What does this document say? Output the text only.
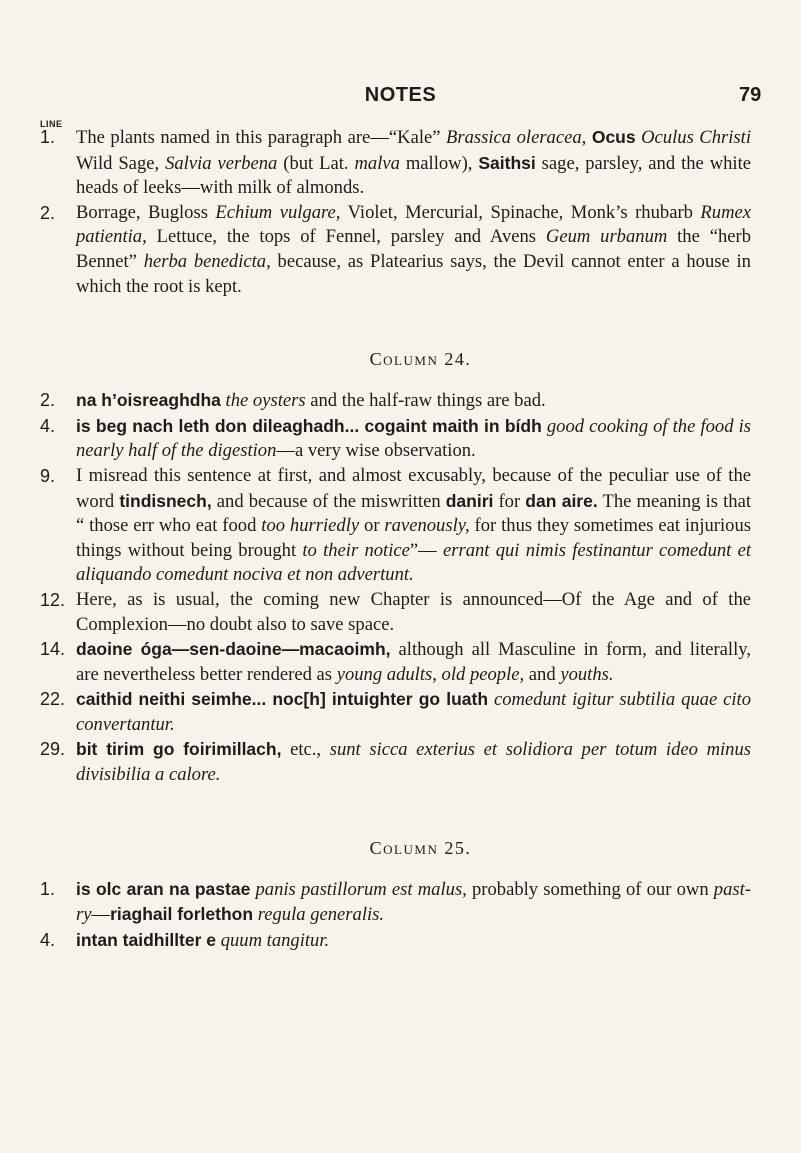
NOTES	79
LINE
1. The plants named in this paragraph are—“Kale” Brassica oleracea, Ocus Oculus Christi Wild Sage, Salvia verbena (but Lat. malva mallow), Saithsi sage, parsley, and the white heads of leeks—with milk of almonds.
2. Borrage, Bugloss Echium vulgare, Violet, Mercurial, Spinache, Monk’s rhubarb Rumex patientia, Lettuce, the tops of Fennel, parsley and Avens Geum urbanum the “herb Bennet” herba benedicta, because, as Platearius says, the Devil cannot enter a house in which the root is kept.
Column 24.
2. na h’oisreaghdha the oysters and the half-raw things are bad.
4. is beg nach leth don dileaghadh... cogaint maith in bídh good cooking of the food is nearly half of the digestion—a very wise observation.
9. I misread this sentence at first, and almost excusably, because of the peculiar use of the word tindisnech, and because of the miswritten daniri for dan aire. The meaning is that “ those err who eat food too hurriedly or ravenously, for thus they sometimes eat injurious things without being brought to their notice”— errant qui nimis festinantur comedunt et aliquando comedunt nociva et non advertunt.
12. Here, as is usual, the coming new Chapter is announced—Of the Age and of the Complexion—no doubt also to save space.
14. daoine óga—sen-daoine—macaoimh, although all Masculine in form, and literally, are nevertheless better rendered as young adults, old people, and youths.
22. caithid neithi seimhe... noc[h] intuighter go luath comedunt igitur subtilia quae cito convertantur.
29. bit tirim go foirimillach, etc., sunt sicca exterius et solidiora per totum ideo minus divisibilia a calore.
Column 25.
1. is olc aran na pastae panis pastillorum est malus, probably something of our own past-ry—riaghail forlethon regula generalis.
4. intan taidhillter e quum tangitur.
